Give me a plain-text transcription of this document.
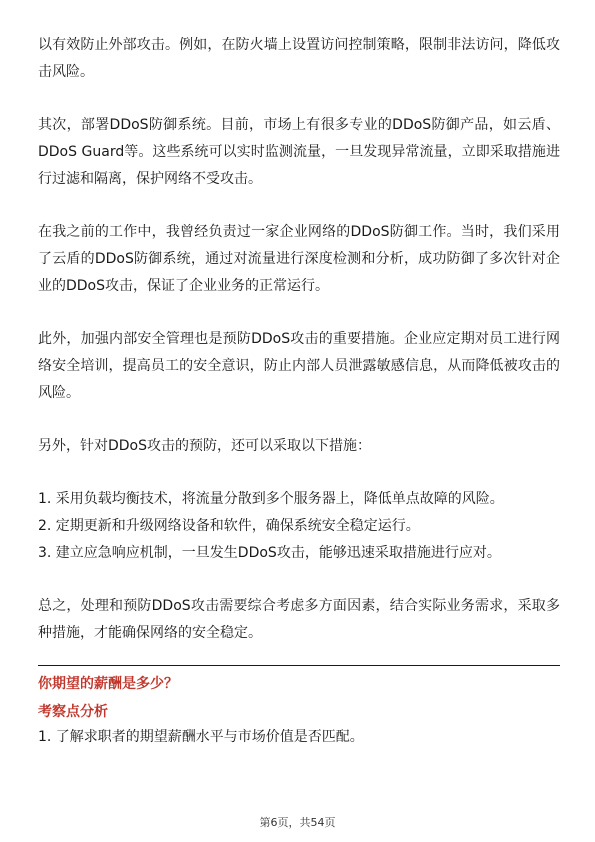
以有效防止外部攻击。例如，在防火墙上设置访问控制策略，限制非法访问，降低攻击风险。

其次，部署DDoS防御系统。目前，市场上有很多专业的DDoS防御产品，如云盾、DDoS Guard等。这些系统可以实时监测流量，一旦发现异常流量，立即采取措施进行过滤和隔离，保护网络不受攻击。

在我之前的工作中，我曾经负责过一家企业网络的DDoS防御工作。当时，我们采用了云盾的DDoS防御系统，通过对流量进行深度检测和分析，成功防御了多次针对企业的DDoS攻击，保证了企业业务的正常运行。

此外，加强内部安全管理也是预防DDoS攻击的重要措施。企业应定期对员工进行网络安全培训，提高员工的安全意识，防止内部人员泄露敏感信息，从而降低被攻击的风险。

另外，针对DDoS攻击的预防，还可以采取以下措施：

1. 采用负载均衡技术，将流量分散到多个服务器上，降低单点故障的风险。

2. 定期更新和升级网络设备和软件，确保系统安全稳定运行。

3. 建立应急响应机制，一旦发生DDoS攻击，能够迅速采取措施进行应对。

总之，处理和预防DDoS攻击需要综合考虑多方面因素，结合实际业务需求，采取多种措施，才能确保网络的安全稳定。

你期望的薪酬是多少？

考察点分析

1. 了解求职者的期望薪酬水平与市场价值是否匹配。

第6页，共54页
